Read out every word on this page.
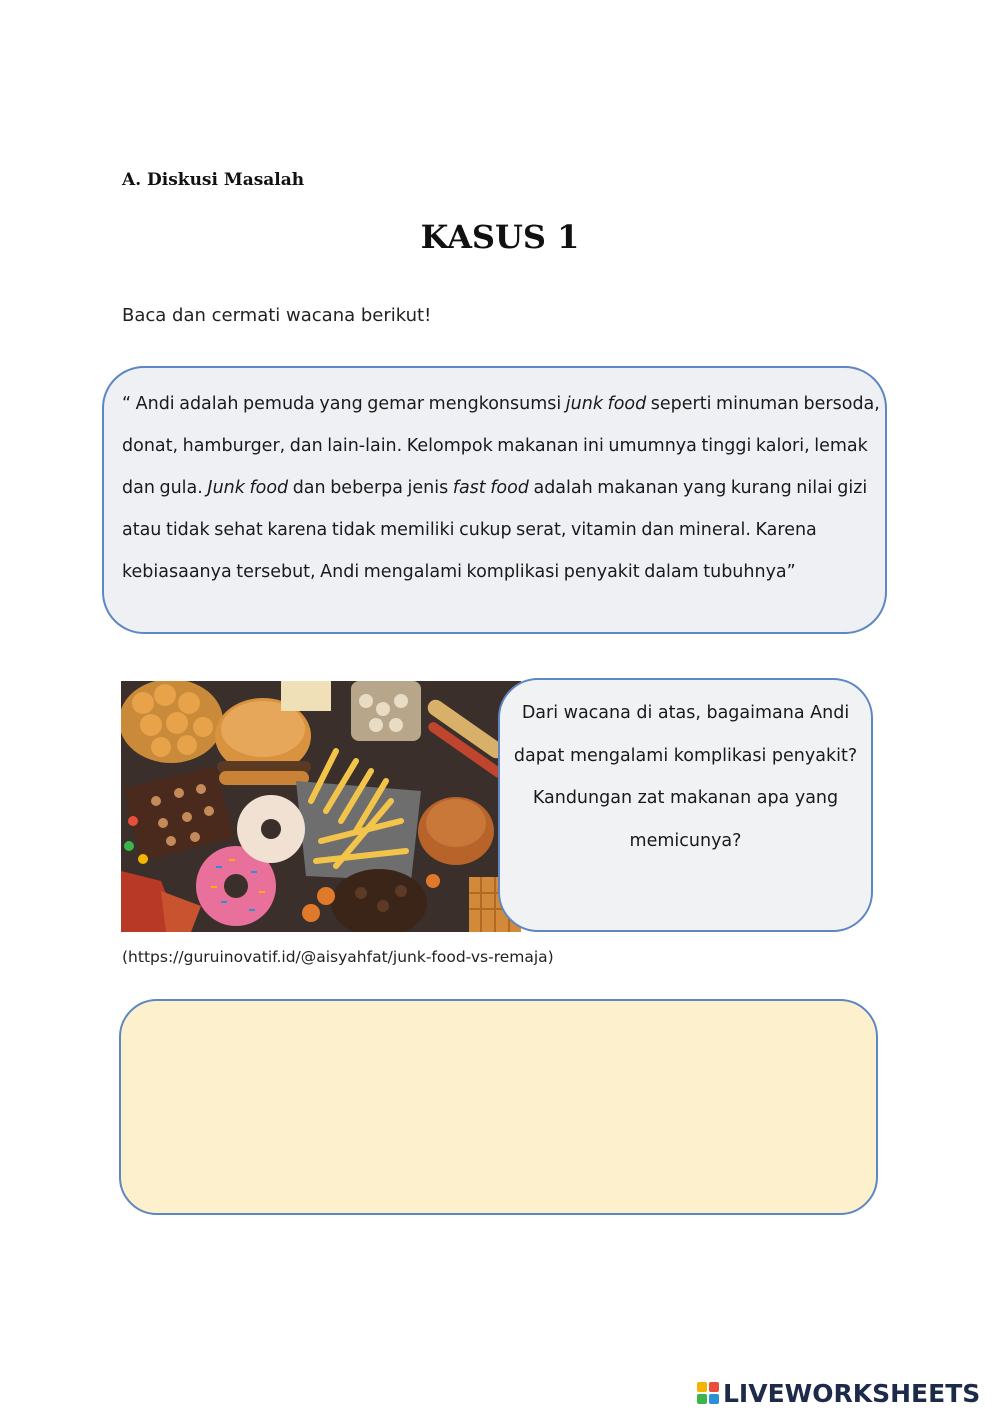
A. Diskusi Masalah
KASUS 1
Baca dan cermati wacana berikut!
“ Andi adalah pemuda yang gemar mengkonsumsi junk food seperti minuman bersoda, donat, hamburger, dan lain-lain. Kelompok makanan ini umumnya tinggi kalori, lemak dan gula. Junk food dan beberpa jenis fast food adalah makanan yang kurang nilai gizi atau tidak sehat karena tidak memiliki cukup serat, vitamin dan mineral. Karena kebiasaanya tersebut, Andi mengalami komplikasi penyakit dalam tubuhnya”
Dari wacana di atas, bagaimana Andi dapat mengalami komplikasi penyakit? Kandungan zat makanan apa yang memicunya?
(https://guruinovatif.id/@aisyahfat/junk-food-vs-remaja)
LIVEWORKSHEETS
